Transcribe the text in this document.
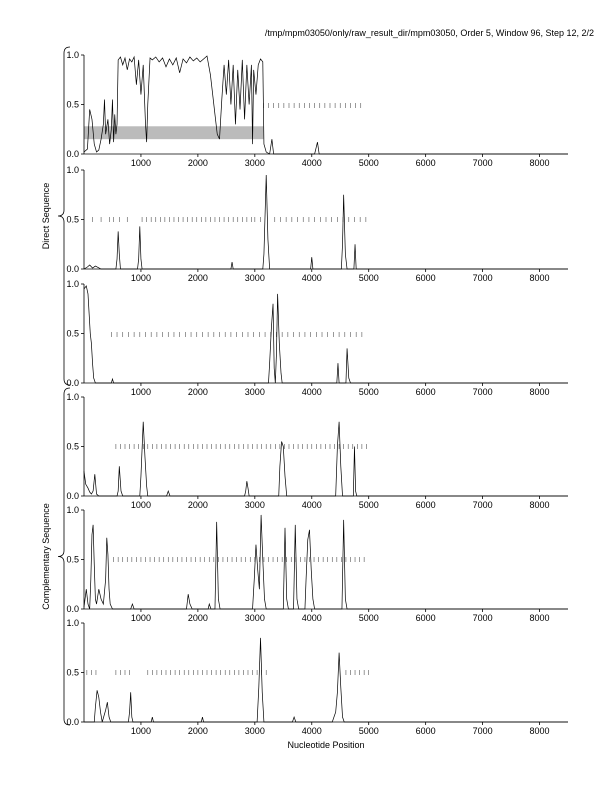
/tmp/mpm03050/only/raw_result_dir/mpm03050, Order 5, Window 96, Step 12, 2/2
0.0
0.5
1.0
1000	2000	3000	4000	5000	6000	7000	8000
0.0
0.5
1.0
1000	2000	3000	4000	5000	6000	7000	8000
0.0
0.5
1.0
1000	2000	3000	4000	5000	6000	7000	8000
0.0
0.5
1.0
1000	2000	3000	4000	5000	6000	7000	8000
0.0
0.5
1.0
1000	2000	3000	4000	5000	6000	7000	8000
0.0
0.5
1.0
1000	2000	3000	4000	5000	6000	7000	8000
Direct Sequence
Complementary Sequence
Nucleotide Position
